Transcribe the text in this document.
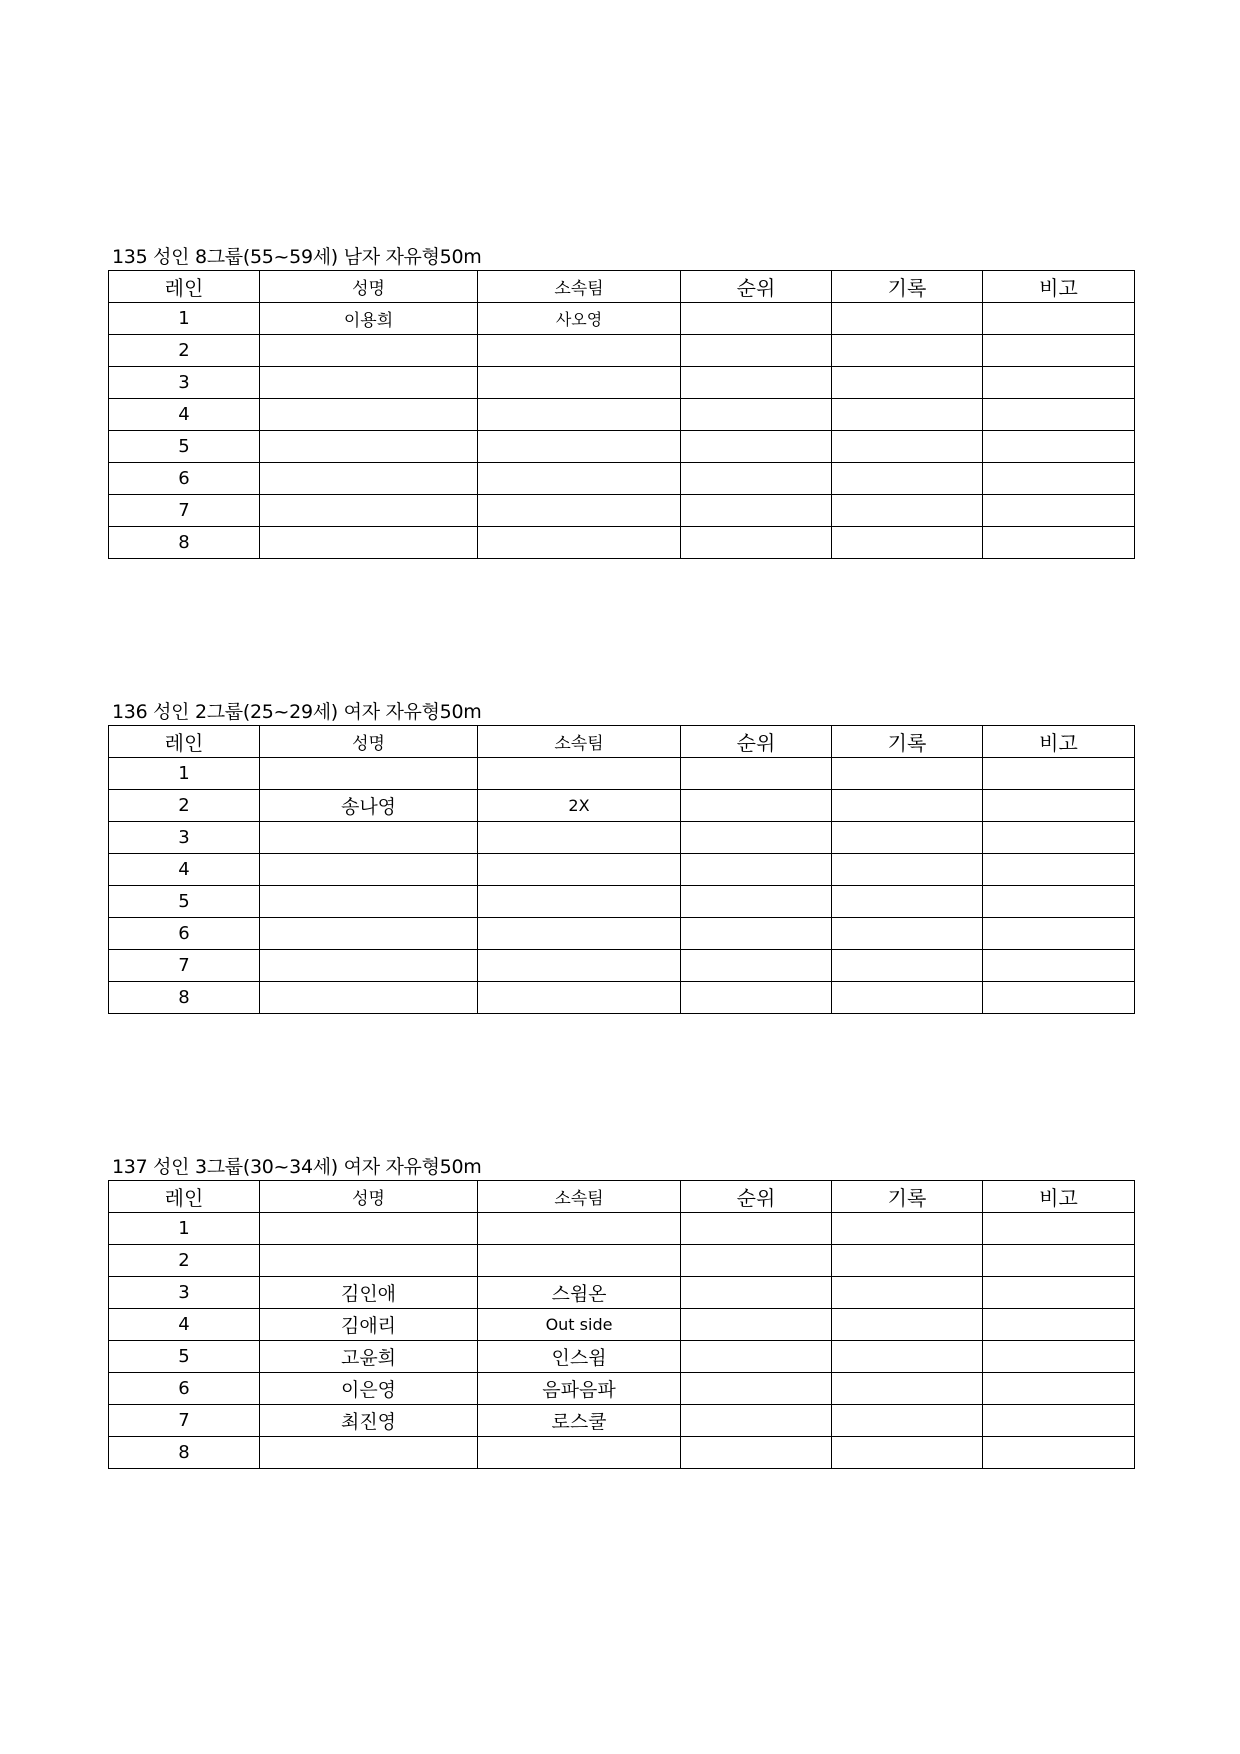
135 성인 8그룹(55~59세) 남자 자유형50m
레인	성명	소속팀	순위	기록	비고
1	이용희	사오영			
2					
3					
4					
5					
6					
7					
8					
136 성인 2그룹(25~29세) 여자 자유형50m
레인	성명	소속팀	순위	기록	비고
1					
2	송나영	2X			
3					
4					
5					
6					
7					
8					
137 성인 3그룹(30~34세) 여자 자유형50m
레인	성명	소속팀	순위	기록	비고
1					
2					
3	김인애	스윔온			
4	김애리	Out side			
5	고윤희	인스윔			
6	이은영	음파음파			
7	최진영	로스쿨			
8					
